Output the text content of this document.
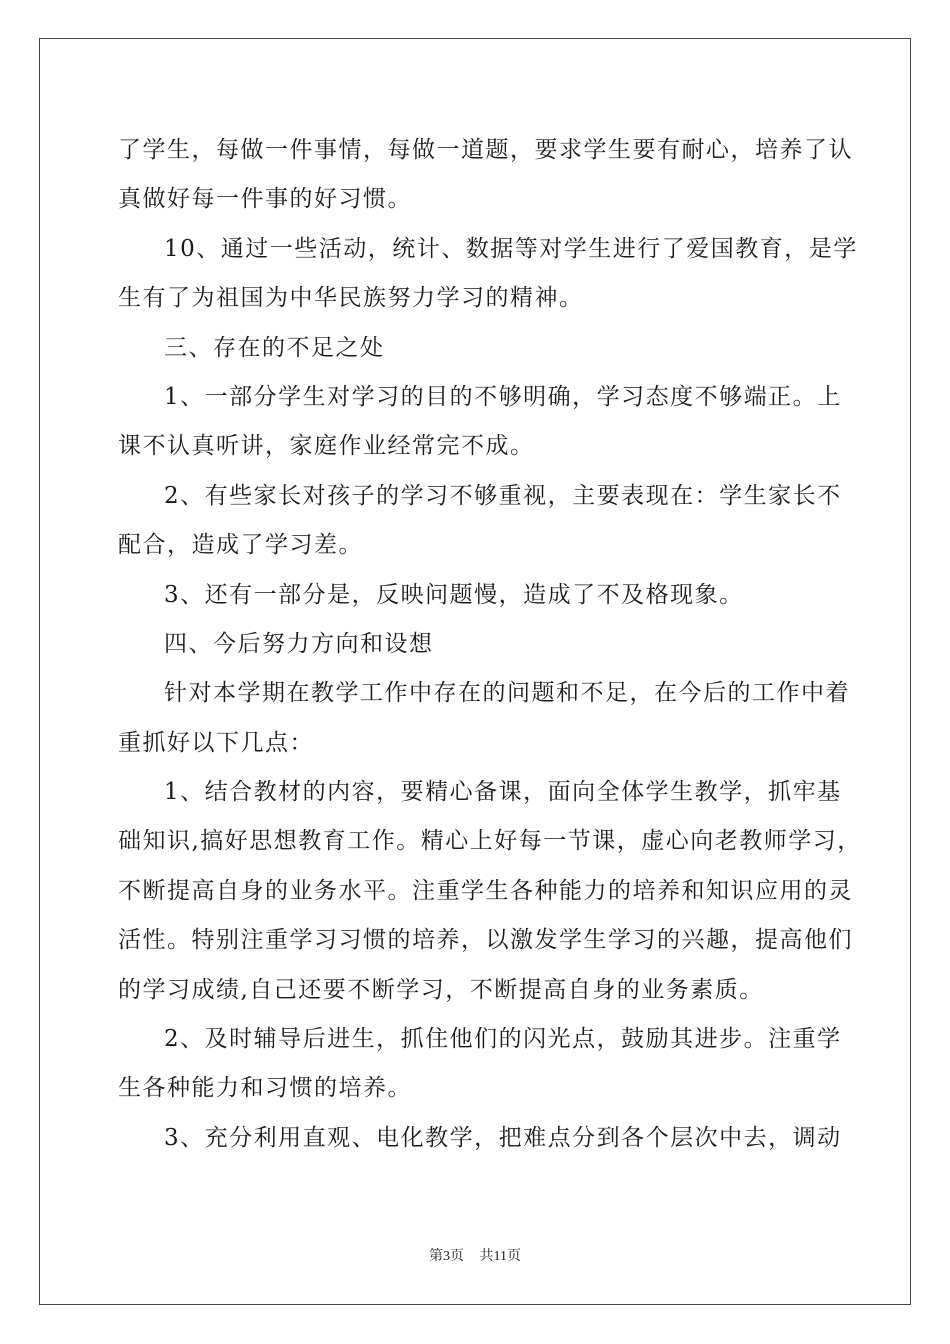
了学生，每做一件事情，每做一道题，要求学生要有耐心，培养了认
真做好每一件事的好习惯。
10、通过一些活动，统计、数据等对学生进行了爱国教育，是学
生有了为祖国为中华民族努力学习的精神。
三、存在的不足之处
1、一部分学生对学习的目的不够明确，学习态度不够端正。上
课不认真听讲，家庭作业经常完不成。
2、有些家长对孩子的学习不够重视，主要表现在：学生家长不
配合，造成了学习差。
3、还有一部分是，反映问题慢，造成了不及格现象。
四、今后努力方向和设想
针对本学期在教学工作中存在的问题和不足，在今后的工作中着
重抓好以下几点：
1、结合教材的内容，要精心备课，面向全体学生教学，抓牢基
础知识,搞好思想教育工作。精心上好每一节课，虚心向老教师学习，
不断提高自身的业务水平。注重学生各种能力的培养和知识应用的灵
活性。特别注重学习习惯的培养，以激发学生学习的兴趣，提高他们
的学习成绩,自己还要不断学习，不断提高自身的业务素质。
2、及时辅导后进生，抓住他们的闪光点，鼓励其进步。注重学
生各种能力和习惯的培养。
3、充分利用直观、电化教学，把难点分到各个层次中去，调动
第3页 共11页
